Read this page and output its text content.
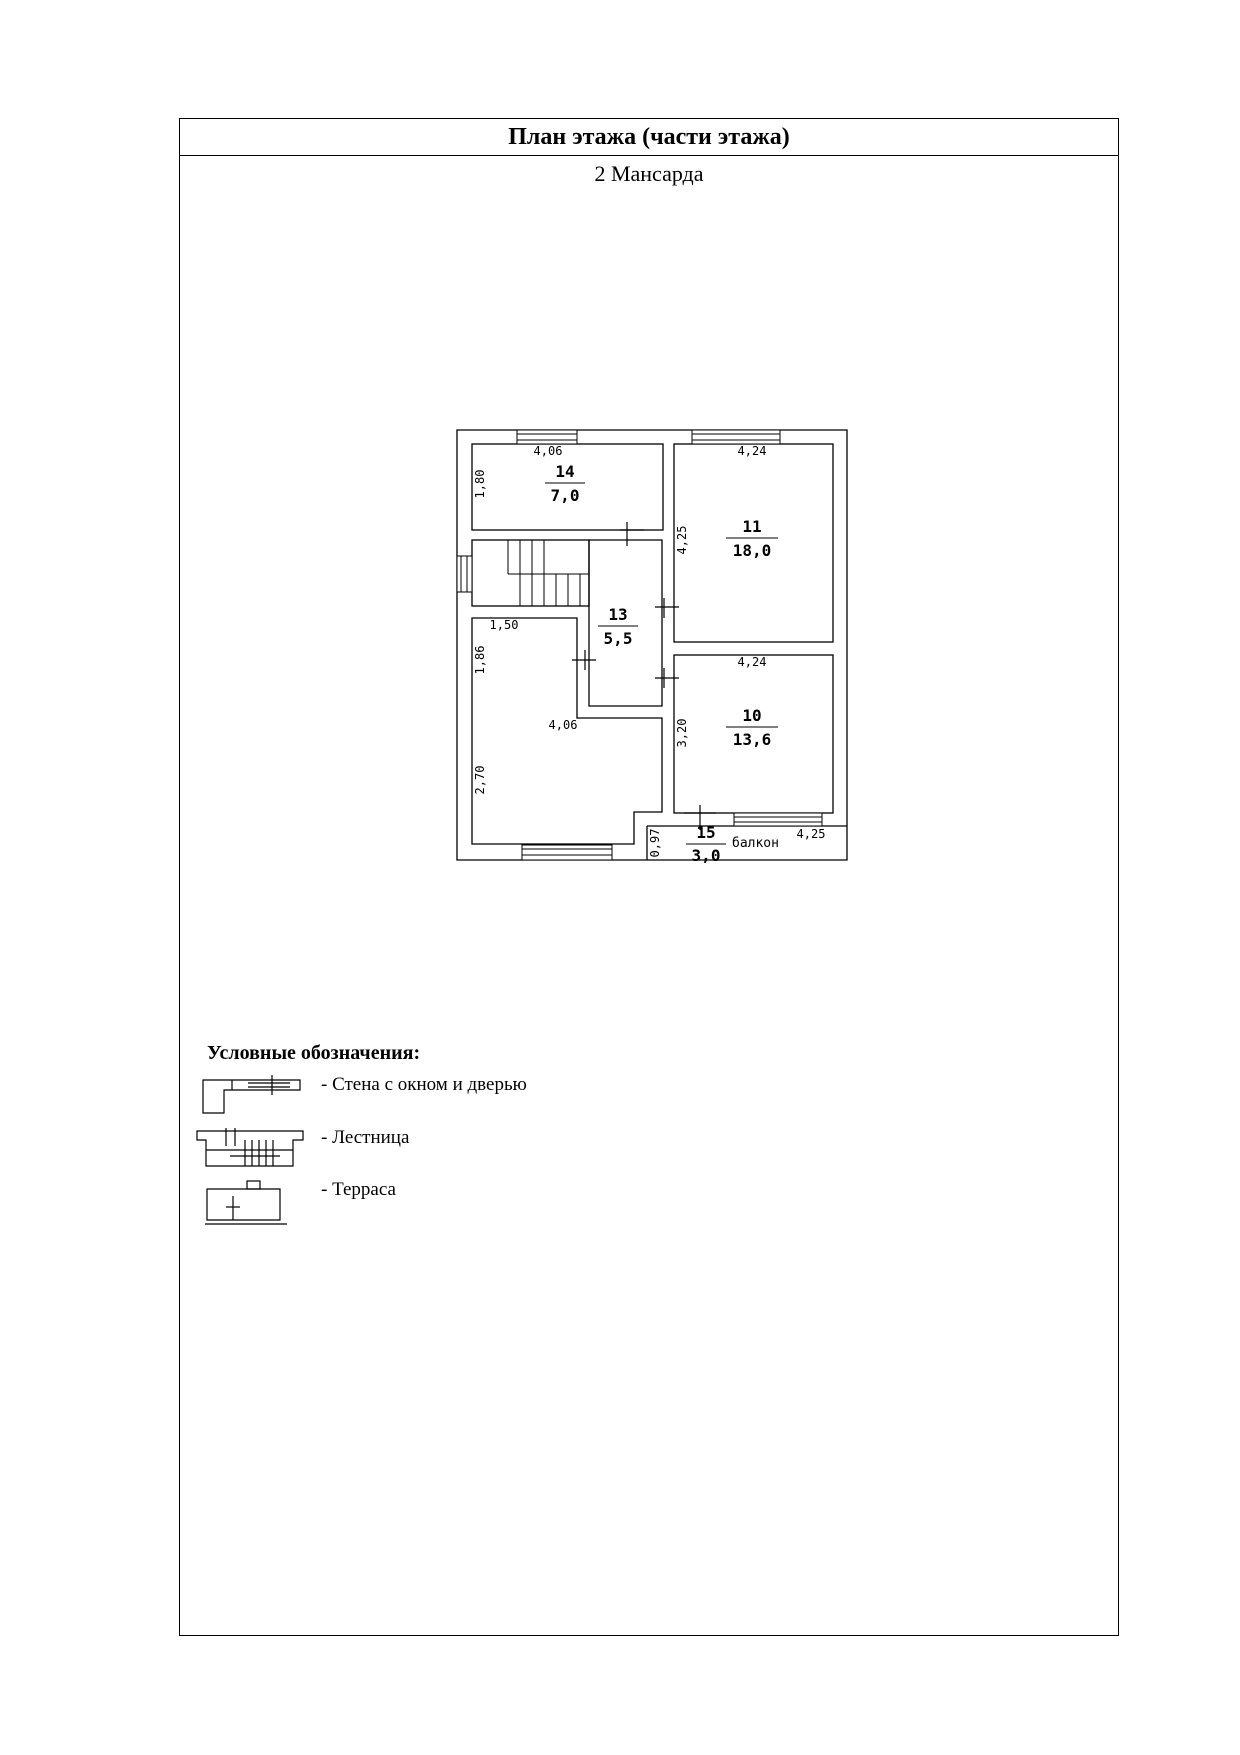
План этажа (части этажа)
2 Мансарда
4,06
1,80
4,24
4,25
1,50
1,86
4,06
2,70
4,24
3,20
4,25
0,97
14
7,0
11
18,0
13
5,5
10
13,6
15
3,0
балкон
Условные обозначения:
- Стена с окном и дверью
- Лестница
- Терраса
